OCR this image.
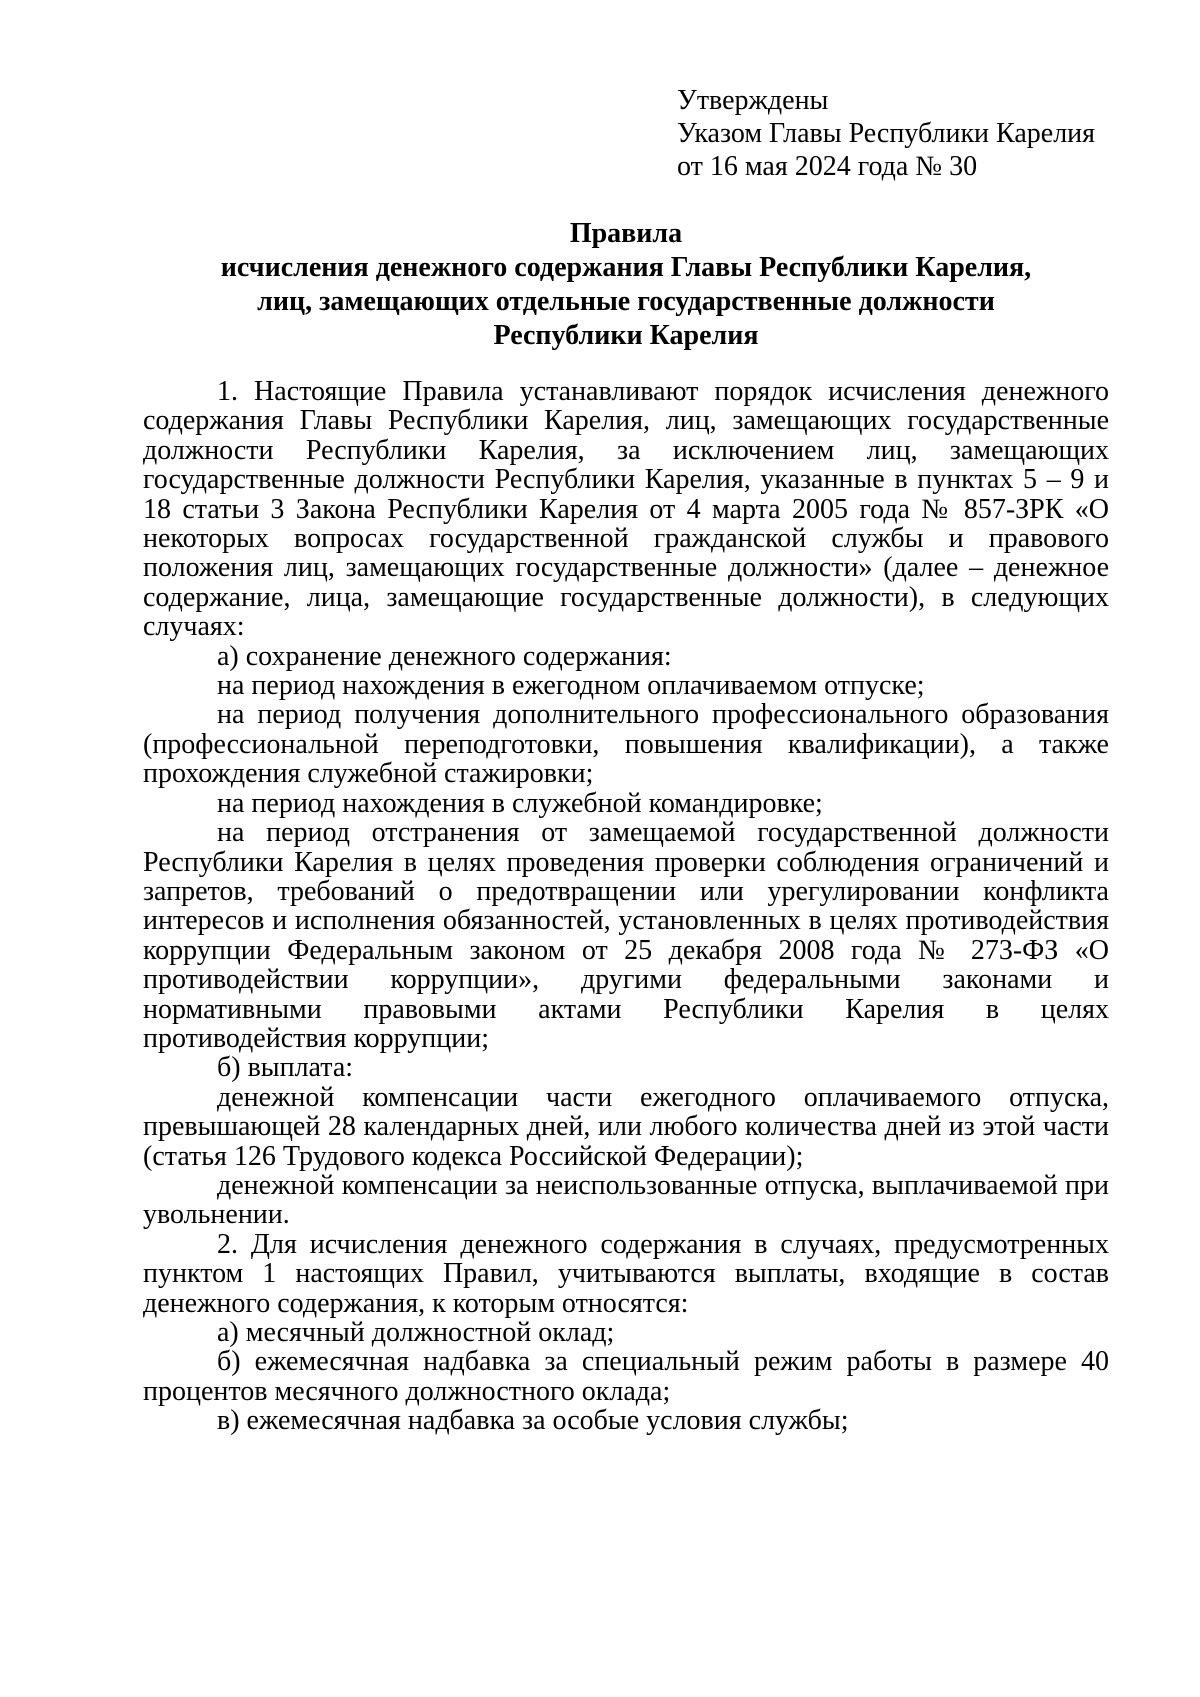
Утверждены
Указом Главы Республики Карелия
от 16 мая 2024 года № 30
Правила
исчисления денежного содержания Главы Республики Карелия,
лиц, замещающих отдельные государственные должности
Республики Карелия

1. Настоящие Правила устанавливают порядок исчисления денежного содержания Главы Республики Карелия, лиц, замещающих государственные должности Республики Карелия, за исключением лиц, замещающих государственные должности Республики Карелия, указанные в пунктах 5 – 9 и 18 статьи 3 Закона Республики Карелия от 4 марта 2005 года № 857-ЗРК «О некоторых вопросах государственной гражданской службы и правового положения лиц, замещающих государственные должности» (далее – денежное содержание, лица, замещающие государственные должности), в следующих случаях:

а) сохранение денежного содержания:

на период нахождения в ежегодном оплачиваемом отпуске;

на период получения дополнительного профессионального образования (профессиональной переподготовки, повышения квалификации), а также прохождения служебной стажировки;

на период нахождения в служебной командировке;

на период отстранения от замещаемой государственной должности Республики Карелия в целях проведения проверки соблюдения ограничений и запретов, требований о предотвращении или урегулировании конфликта интересов и исполнения обязанностей, установленных в целях противодействия коррупции Федеральным законом от 25 декабря 2008 года № 273-ФЗ «О противодействии коррупции», другими федеральными законами и нормативными правовыми актами Республики Карелия в целях противодействия коррупции;

б) выплата:

денежной компенсации части ежегодного оплачиваемого отпуска, превышающей 28 календарных дней, или любого количества дней из этой части (статья 126 Трудового кодекса Российской Федерации);

денежной компенсации за неиспользованные отпуска, выплачиваемой при увольнении.

2. Для исчисления денежного содержания в случаях, предусмотренных пунктом 1 настоящих Правил, учитываются выплаты, входящие в состав денежного содержания, к которым относятся:

а) месячный должностной оклад;

б) ежемесячная надбавка за специальный режим работы в размере 40 процентов месячного должностного оклада;

в) ежемесячная надбавка за особые условия службы;
